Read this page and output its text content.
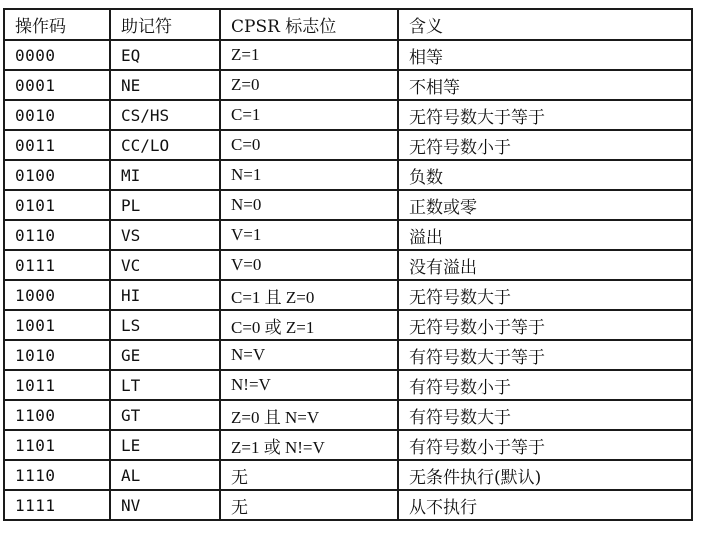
操作码	助记符	CPSR 标志位	含义
0000	EQ	Z=1	相等
0001	NE	Z=0	不相等
0010	CS/HS	C=1	无符号数大于等于
0011	CC/LO	C=0	无符号数小于
0100	MI	N=1	负数
0101	PL	N=0	正数或零
0110	VS	V=1	溢出
0111	VC	V=0	没有溢出
1000	HI	C=1 且 Z=0	无符号数大于
1001	LS	C=0 或 Z=1	无符号数小于等于
1010	GE	N=V	有符号数大于等于
1011	LT	N!=V	有符号数小于
1100	GT	Z=0 且 N=V	有符号数大于
1101	LE	Z=1 或 N!=V	有符号数小于等于
1110	AL	无	无条件执行(默认)
1111	NV	无	从不执行
